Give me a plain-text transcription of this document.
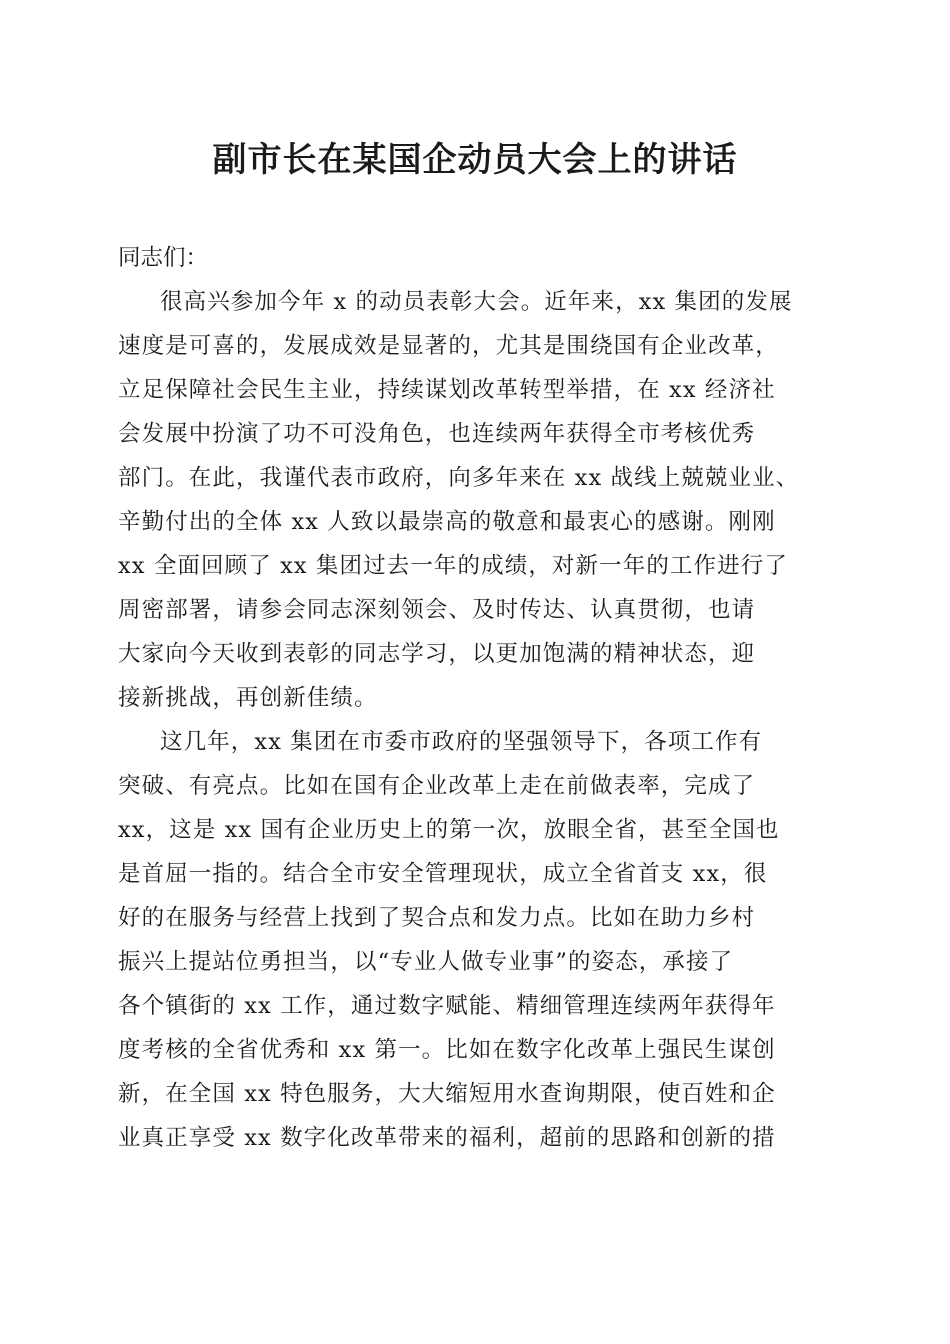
副市长在某国企动员大会上的讲话

同志们：

很高兴参加今年 x 的动员表彰大会。近年来，xx 集团的发展
速度是可喜的，发展成效是显著的，尤其是围绕国有企业改革，
立足保障社会民生主业，持续谋划改革转型举措，在 xx 经济社
会发展中扮演了功不可没角色，也连续两年获得全市考核优秀
部门。在此，我谨代表市政府，向多年来在 xx 战线上兢兢业业、
辛勤付出的全体 xx 人致以最崇高的敬意和最衷心的感谢。刚刚
xx 全面回顾了 xx 集团过去一年的成绩，对新一年的工作进行了
周密部署，请参会同志深刻领会、及时传达、认真贯彻，也请
大家向今天收到表彰的同志学习，以更加饱满的精神状态，迎
接新挑战，再创新佳绩。
这几年，xx 集团在市委市政府的坚强领导下，各项工作有
突破、有亮点。比如在国有企业改革上走在前做表率，完成了
xx，这是 xx 国有企业历史上的第一次，放眼全省，甚至全国也
是首屈一指的。结合全市安全管理现状，成立全省首支 xx，很
好的在服务与经营上找到了契合点和发力点。比如在助力乡村
振兴上提站位勇担当，以“专业人做专业事”的姿态，承接了
各个镇街的 xx 工作，通过数字赋能、精细管理连续两年获得年
度考核的全省优秀和 xx 第一。比如在数字化改革上强民生谋创
新，在全国 xx 特色服务，大大缩短用水查询期限，使百姓和企
业真正享受 xx 数字化改革带来的福利，超前的思路和创新的措
